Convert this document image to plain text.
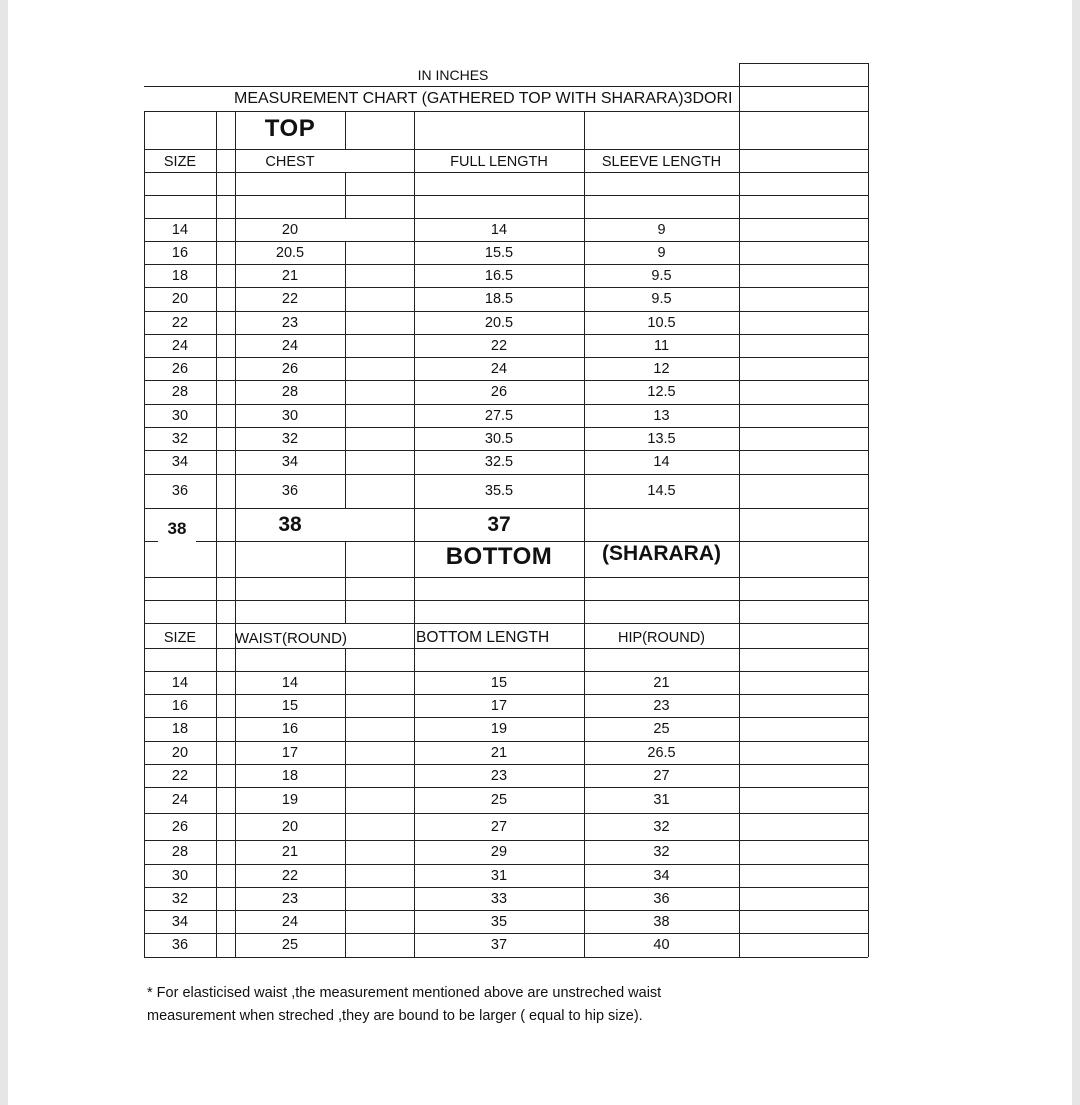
IN INCHES
MEASUREMENT CHART (GATHERED TOP WITH SHARARA)3DORI
TOP
SIZE	CHEST	FULL LENGTH	SLEEVE LENGTH
14	20	14	9
16	20.5	15.5	9
18	21	16.5	9.5
20	22	18.5	9.5
22	23	20.5	10.5
24	24	22	11
26	26	24	12
28	28	26	12.5
30	30	27.5	13
32	32	30.5	13.5
34	34	32.5	14
36	36	35.5	14.5
38	38	37
BOTTOM	(SHARARA)
SIZE	WAIST(ROUND)	BOTTOM LENGTH	HIP(ROUND)
14	14	15	21
16	15	17	23
18	16	19	25
20	17	21	26.5
22	18	23	27
24	19	25	31
26	20	27	32
28	21	29	32
30	22	31	34
32	23	33	36
34	24	35	38
36	25	37	40
* For elasticised waist ,the measurement mentioned above are unstreched waist
measurement when streched ,they are bound to be larger ( equal to hip size).
